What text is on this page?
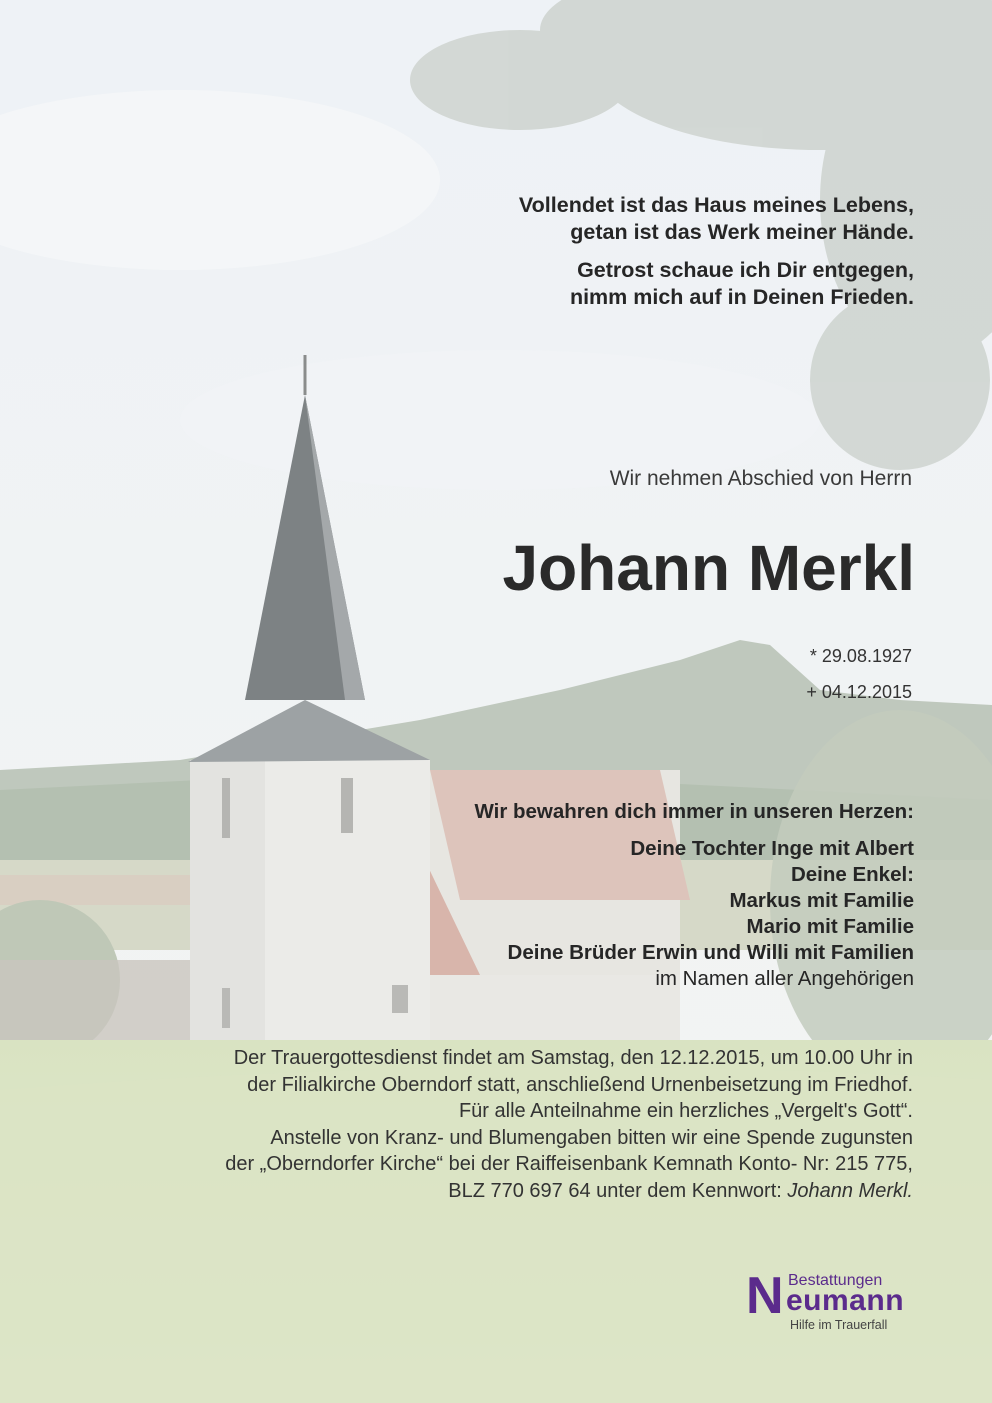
Vollendet ist das Haus meines Lebens,
getan ist das Werk meiner Hände.

Getrost schaue ich Dir entgegen,
nimm mich auf in Deinen Frieden.

Wir nehmen Abschied von Herrn
Johann Merkl
* 29.08.1927
+ 04.12.2015
Wir bewahren dich immer in unseren Herzen:
Deine Tochter Inge mit Albert
Deine Enkel:
Markus mit Familie
Mario mit Familie
Deine Brüder Erwin und Willi mit Familien
im Namen aller Angehörigen
Der Trauergottesdienst findet am Samstag, den 12.12.2015, um 10.00 Uhr in
der Filialkirche Oberndorf statt, anschließend Urnenbeisetzung im Friedhof.
Für alle Anteilnahme ein herzliches „Vergelt's Gott“.
Anstelle von Kranz- und Blumengaben bitten wir eine Spende zugunsten
der „Oberndorfer Kirche“ bei der Raiffeisenbank Kemnath Konto- Nr: 215 775,
BLZ 770 697 64 unter dem Kennwort: Johann Merkl.
N Bestattungen
eumann
Hilfe im Trauerfall
